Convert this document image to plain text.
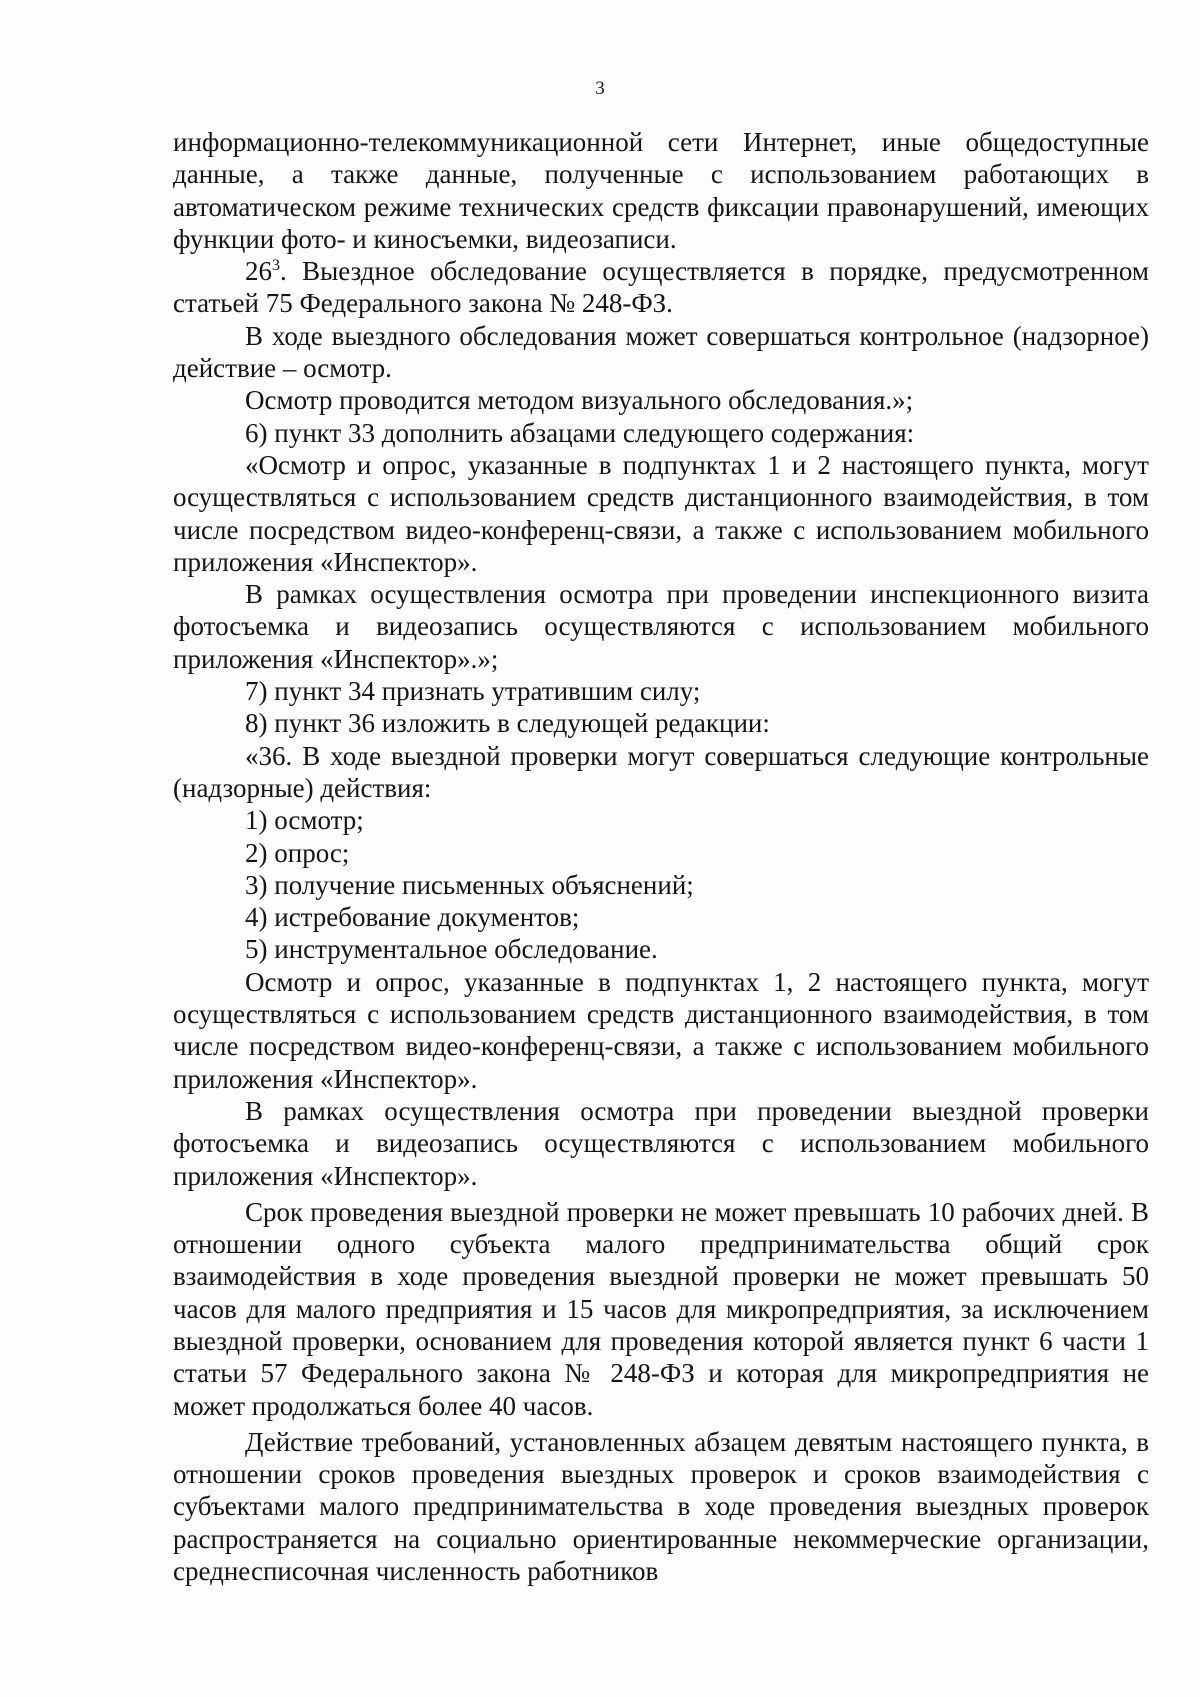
3

информационно-телекоммуникационной сети Интернет, иные общедоступные данные, а также данные, полученные с использованием работающих в автоматическом режиме технических средств фиксации правонарушений, имеющих функции фото- и киносъемки, видеозаписи.

$26^3$. Выездное обследование осуществляется в порядке, предусмотренном статьей 75 Федерального закона № 248-ФЗ.

В ходе выездного обследования может совершаться контрольное (надзорное) действие – осмотр.

Осмотр проводится методом визуального обследования.»;

6) пункт 33 дополнить абзацами следующего содержания:

«Осмотр и опрос, указанные в подпунктах 1 и 2 настоящего пункта, могут осуществляться с использованием средств дистанционного взаимодействия, в том числе посредством видео-конференц-связи, а также с использованием мобильного приложения «Инспектор».

В рамках осуществления осмотра при проведении инспекционного визита фотосъемка и видеозапись осуществляются с использованием мобильного приложения «Инспектор».»;

7) пункт 34 признать утратившим силу;

8) пункт 36 изложить в следующей редакции:

«36. В ходе выездной проверки могут совершаться следующие контрольные (надзорные) действия:

1) осмотр;

2) опрос;

3) получение письменных объяснений;

4) истребование документов;

5) инструментальное обследование.

Осмотр и опрос, указанные в подпунктах 1, 2 настоящего пункта, могут осуществляться с использованием средств дистанционного взаимодействия, в том числе посредством видео-конференц-связи, а также с использованием мобильного приложения «Инспектор».

В рамках осуществления осмотра при проведении выездной проверки фотосъемка и видеозапись осуществляются с использованием мобильного приложения «Инспектор».

Срок проведения выездной проверки не может превышать 10 рабочих дней. В отношении одного субъекта малого предпринимательства общий срок взаимодействия в ходе проведения выездной проверки не может превышать 50 часов для малого предприятия и 15 часов для микропредприятия, за исключением выездной проверки, основанием для проведения которой является пункт 6 части 1 статьи 57 Федерального закона № 248-ФЗ и которая для микропредприятия не может продолжаться более 40 часов.

Действие требований, установленных абзацем девятым настоящего пункта, в отношении сроков проведения выездных проверок и сроков взаимодействия с субъектами малого предпринимательства в ходе проведения выездных проверок распространяется на социально ориентированные некоммерческие организации, среднесписочная численность работников
